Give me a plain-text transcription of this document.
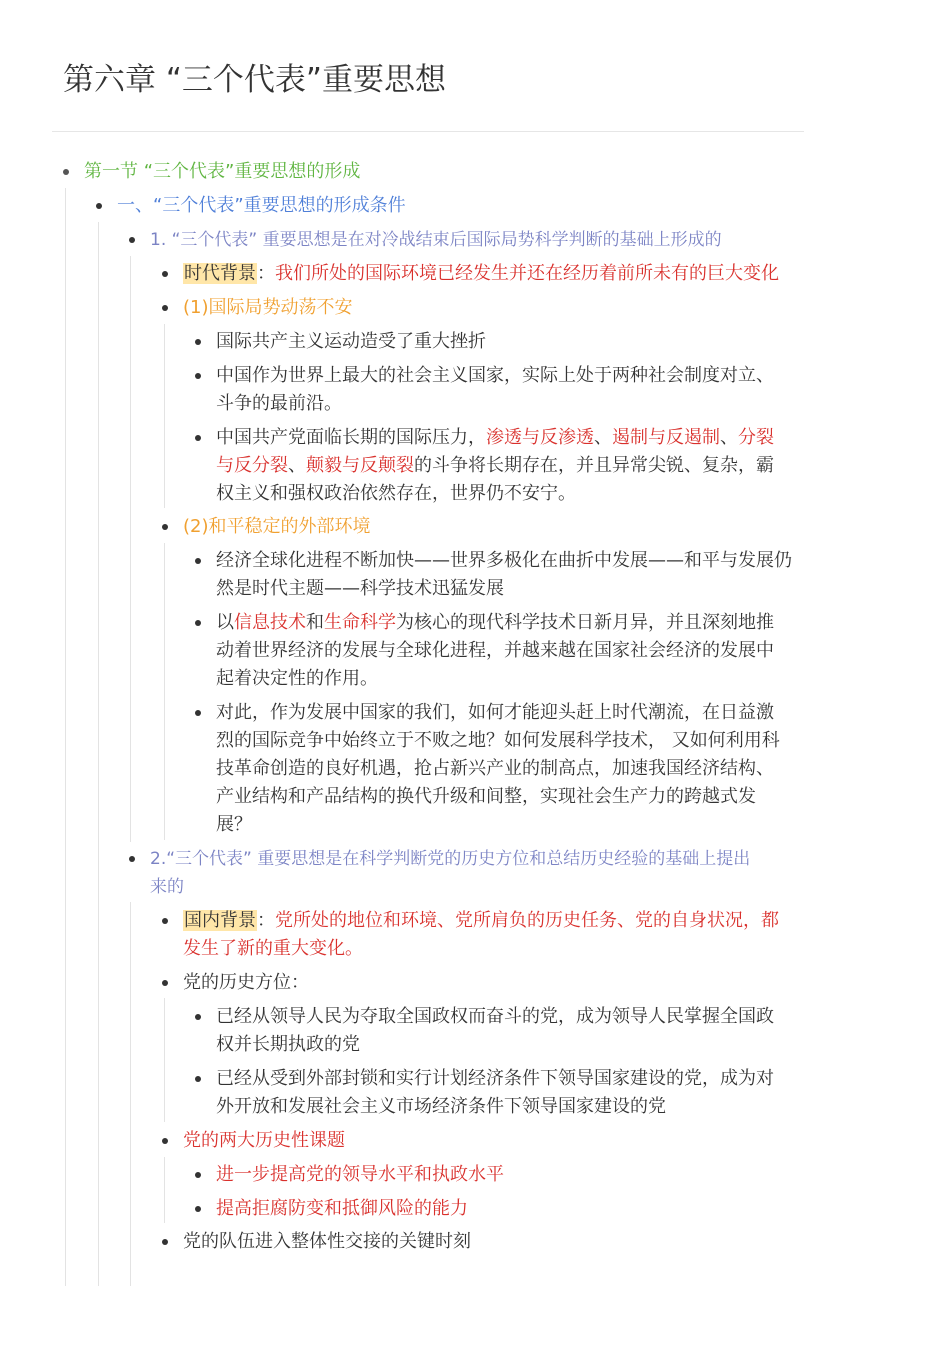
第六章 “三个代表”重要思想
第一节 “三个代表”重要思想的形成
一、“三个代表”重要思想的形成条件
1. “三个代表” 重要思想是在对冷战结束后国际局势科学判断的基础上形成的
时代背景：我们所处的国际环境已经发生并还在经历着前所未有的巨大变化
(1)国际局势动荡不安
国际共产主义运动造受了重大挫折
中国作为世界上最大的社会主义国家，实际上处于两种社会制度对立、
斗争的最前沿。
中国共产党面临长期的国际压力，渗透与反渗透、遏制与反遏制、分裂
与反分裂、颠毅与反颠裂的斗争将长期存在，并且异常尖锐、复杂，霸
权主义和强权政治依然存在，世界仍不安宁。
(2)和平稳定的外部环境
经济全球化进程不断加快——世界多极化在曲折中发展——和平与发展仍
然是时代主题——科学技术迅猛发展
以信息技术和生命科学为核心的现代科学技术日新月异，并且深刻地推
动着世界经济的发展与全球化进程，并越来越在国家社会经济的发展中
起着决定性的作用。
对此，作为发展中国家的我们，如何才能迎头赶上时代潮流，在日益激
烈的国际竞争中始终立于不败之地？如何发展科学技术， 又如何利用科
技革命创造的良好机遇，抢占新兴产业的制高点，加速我国经济结构、
产业结构和产品结构的换代升级和间整，实现社会生产力的跨越式发
展？
2.“三个代表” 重要思想是在科学判断党的历史方位和总结历史经验的基础上提出
来的
国内背景：党所处的地位和环境、党所肩负的历史任务、党的自身状况，都
发生了新的重大变化。
党的历史方位：
已经从领导人民为夺取全国政权而奋斗的党，成为领导人民掌握全国政
权并长期执政的党
已经从受到外部封锁和实行计划经济条件下领导国家建设的党，成为对
外开放和发展社会主义市场经济条件下领导国家建设的党
党的两大历史性课题
进一步提高党的领导水平和执政水平
提高拒腐防变和抵御风险的能力
党的队伍进入整体性交接的关键时刻
